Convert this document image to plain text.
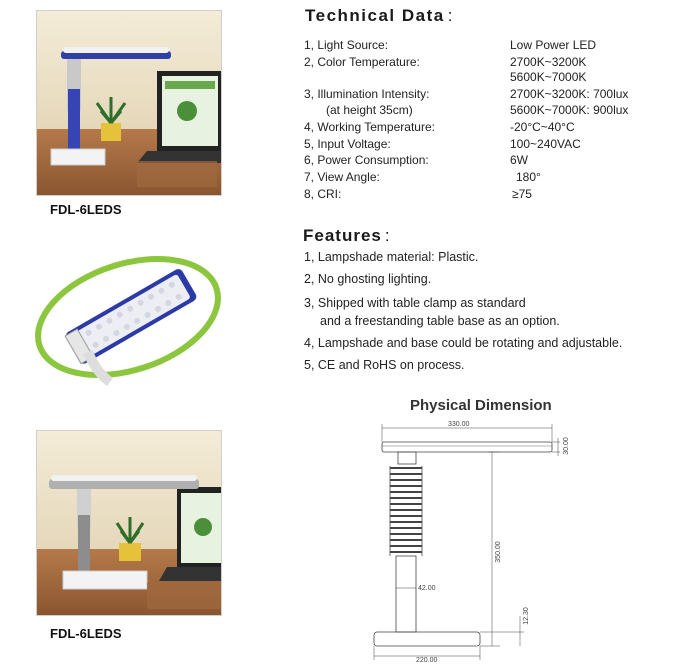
FDL-6LEDS
FDL-6LEDS
Technical Data :
1, Light Source:	Low Power LED
2, Color Temperature:	2700K~3200K
5600K~7000K
3, Illumination Intensity:	2700K~3200K: 700lux
(at height 35cm)	5600K~7000K: 900lux
4, Working Temperature:	-20°C~40°C
5, Input Voltage:	100~240VAC
6, Power Consumption:	6W
7, View Angle:	180°
8, CRI:	≥75
Features :
1, Lampshade material: Plastic.
2, No ghosting lighting.
3, Shipped with table clamp as standard
and a freestanding table base as an option.
4, Lampshade and base could be rotating and adjustable.
5, CE and RoHS on process.
Physical Dimension
330.00
30.00
350.00
42.00
12.30
220.00
